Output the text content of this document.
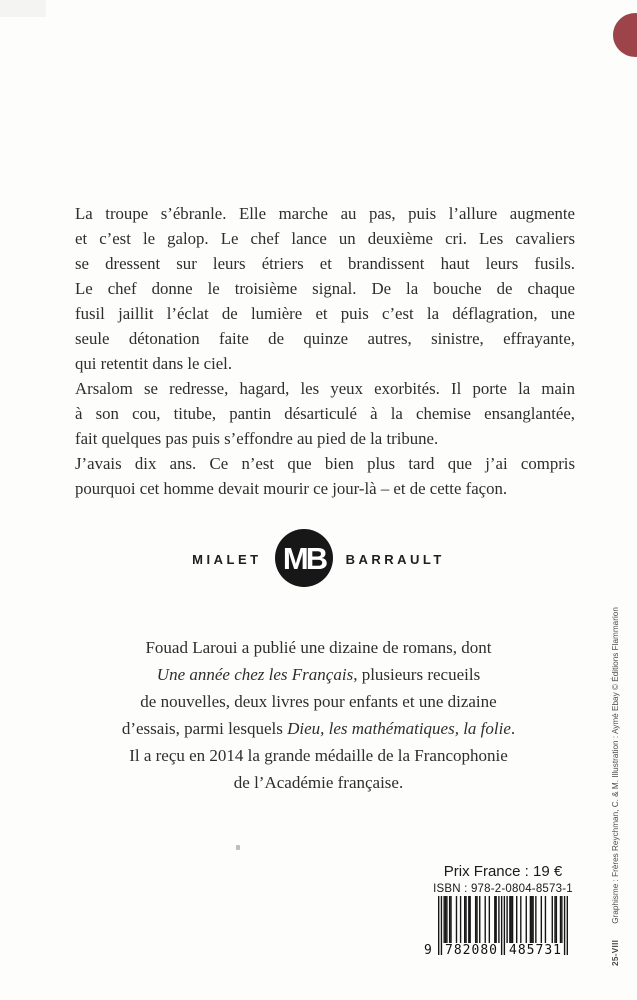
La troupe s’ébranle. Elle marche au pas, puis l’allure augmente
et c’est le galop. Le chef lance un deuxième cri. Les cavaliers
se dressent sur leurs étriers et brandissent haut leurs fusils.
Le chef donne le troisième signal. De la bouche de chaque
fusil jaillit l’éclat de lumière et puis c’est la déflagration, une
seule détonation faite de quinze autres, sinistre, effrayante,
qui retentit dans le ciel.
Arsalom se redresse, hagard, les yeux exorbités. Il porte la main
à son cou, titube, pantin désarticulé à la chemise ensanglantée,
fait quelques pas puis s’effondre au pied de la tribune.
J’avais dix ans. Ce n’est que bien plus tard que j’ai compris
pourquoi cet homme devait mourir ce jour-là – et de cette façon.
MIALET MB BARRAULT
Fouad Laroui a publié une dizaine de romans, dont
Une année chez les Français, plusieurs recueils
de nouvelles, deux livres pour enfants et une dizaine
d’essais, parmi lesquels Dieu, les mathématiques, la folie.
Il a reçu en 2014 la grande médaille de la Francophonie
de l’Académie française.
Prix France : 19 €
ISBN : 978-2-0804-8573-1
9 782080 485731	25-VIIIGraphisme : Frères Reychman, C. & M. Illustration : Aymé Ebay © Éditions Flammarion
